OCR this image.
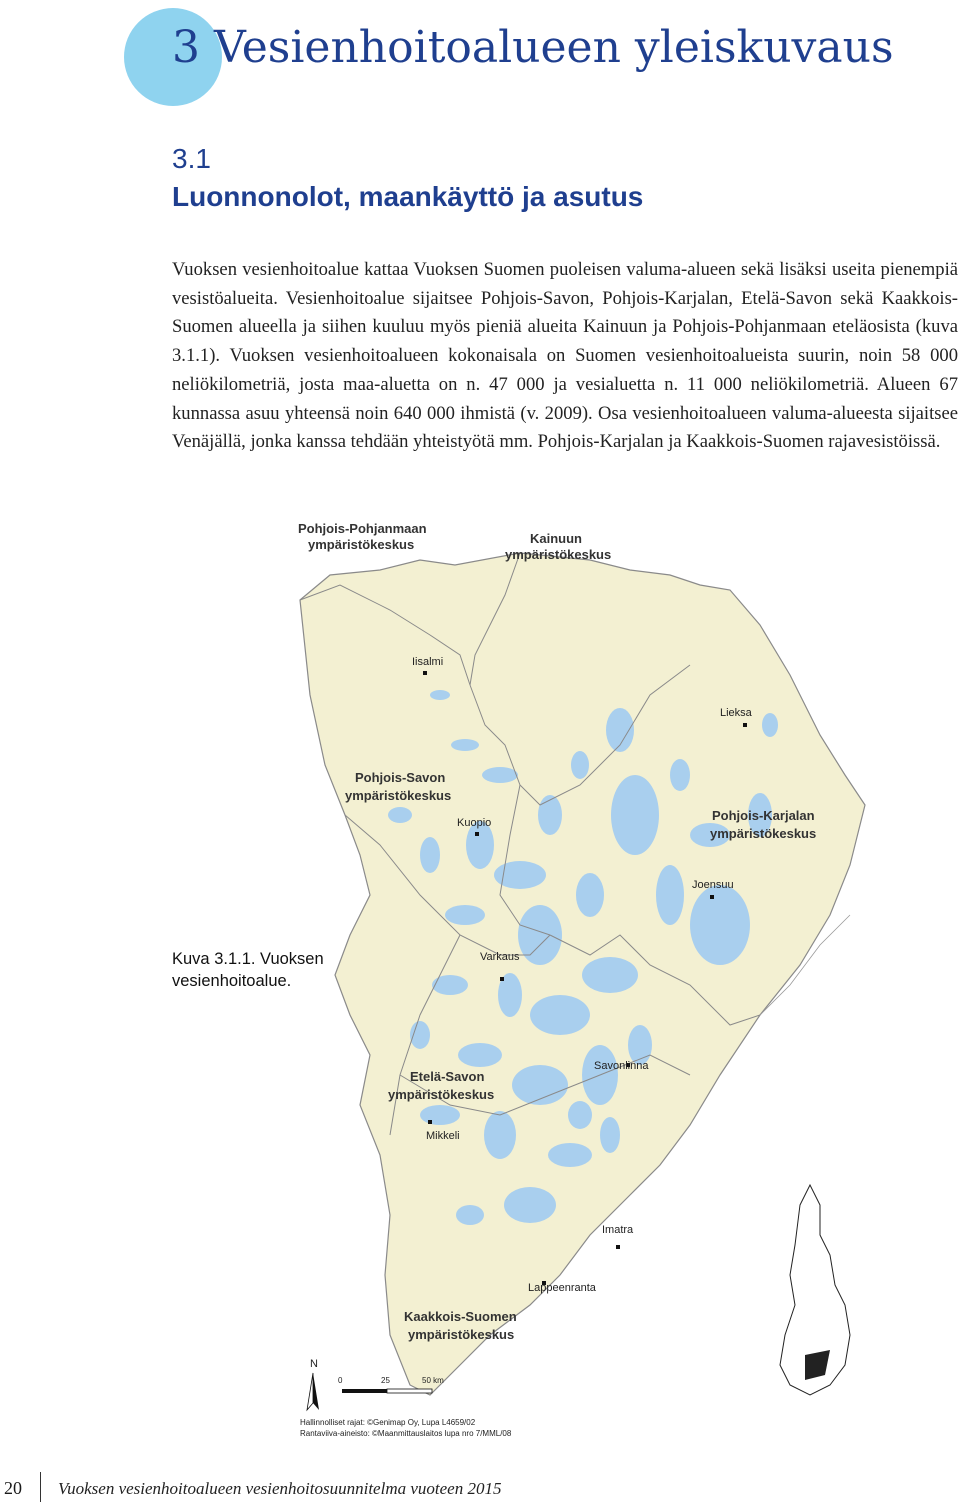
3 Vesienhoitoalueen yleiskuvaus
3.1
Luonnonolot, maankäyttö ja asutus

Vuoksen vesienhoitoalue kattaa Vuoksen Suomen puoleisen valuma-alueen sekä lisäksi useita pienempiä vesistöalueita. Vesienhoitoalue sijaitsee Pohjois-Savon, Pohjois-Karjalan, Etelä-Savon sekä Kaakkois-Suomen alueella ja siihen kuuluu myös pieniä alueita Kainuun ja Pohjois-Pohjanmaan eteläosista (kuva 3.1.1). Vuoksen vesienhoitoalueen kokonaisala on Suomen vesienhoitoalueista suurin, noin 58 000 neliökilometriä, josta maa-aluetta on n. 47 000 ja vesialuetta n. 11 000 neliökilometriä. Alueen 67 kunnassa asuu yhteensä noin 640 000 ihmistä (v. 2009). Osa vesienhoitoalueen valuma-alueesta sijaitsee Venäjällä, jonka kanssa tehdään yhteistyötä mm. Pohjois-Karjalan ja Kaakkois-Suomen rajavesistöissä.

Pohjois-Pohjanmaan
ympäristökeskus	Kainuun
ympäristökeskus
Pohjois-Savon
ympäristökeskus
Pohjois-Karjalan
ympäristökeskus
Etelä-Savon
ympäristökeskus
Kaakkois-Suomen
ympäristökeskus
Iisalmi
Lieksa
Kuopio
Joensuu
Varkaus
Savonlinna
Mikkeli
Imatra
Lappeenranta
N
0	25	50 km
Hallinnolliset rajat: ©Genimap Oy, Lupa L4659/02
Rantaviiva-aineisto: ©Maanmittauslaitos lupa nro 7/MML/08

Kuva 3.1.1. Vuoksen
vesienhoitoalue.

20 Vuoksen vesienhoitoalueen vesienhoitosuunnitelma vuoteen 2015
